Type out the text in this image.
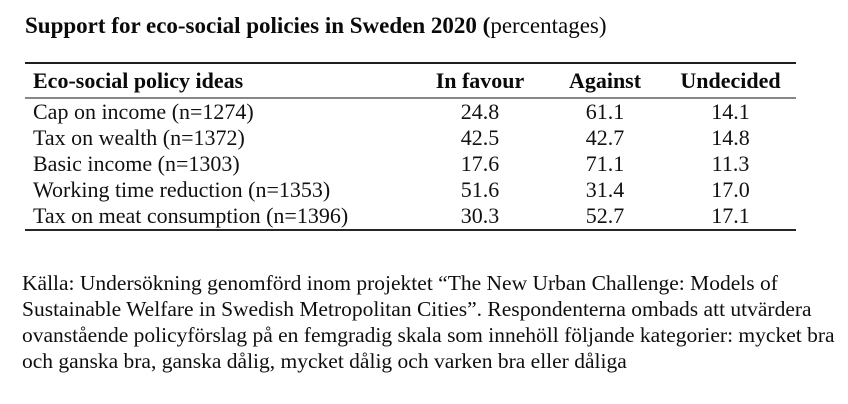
Support for eco-social policies in Sweden 2020 (percentages)
Eco-social policy ideas	In favour	Against	Undecided
Cap on income (n=1274)	24.8	61.1	14.1
Tax on wealth (n=1372)	42.5	42.7	14.8
Basic income (n=1303)	17.6	71.1	11.3
Working time reduction (n=1353)	51.6	31.4	17.0
Tax on meat consumption (n=1396)	30.3	52.7	17.1

Källa: Undersökning genomförd inom projektet “The New Urban Challenge: Models of
Sustainable Welfare in Swedish Metropolitan Cities”. Respondenterna ombads att utvärdera
ovanstående policyförslag på en femgradig skala som innehöll följande kategorier: mycket bra
och ganska bra, ganska dålig, mycket dålig och varken bra eller dåliga
